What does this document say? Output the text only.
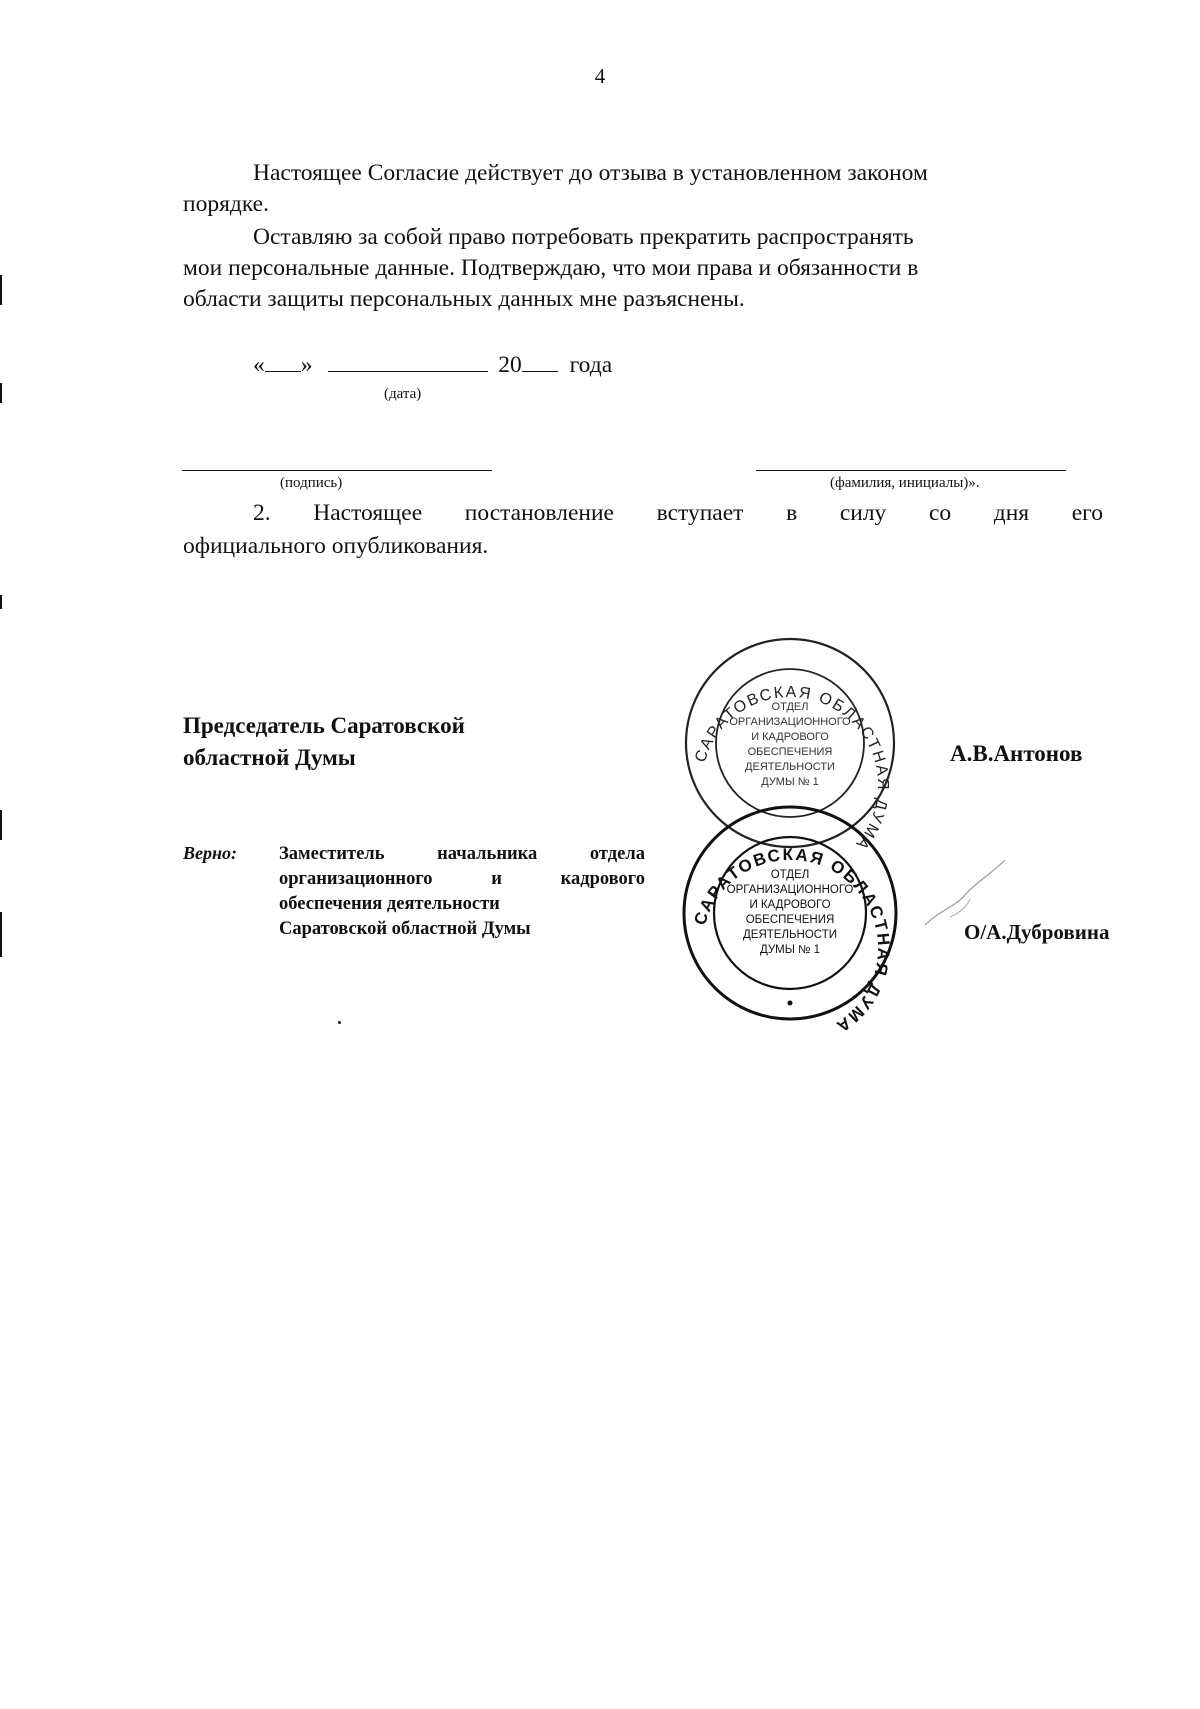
4
Настоящее Согласие действует до отзыва в установленном законом
порядке.
Оставляю за собой право потребовать прекратить распространять
мои персональные данные. Подтверждаю, что мои права и обязанности в
области защиты персональных данных мне разъяснены.
« »	20 года
(дата)
(подпись)	(фамилия, инициалы)».
2. Настоящее постановление вступает в силу со дня его
официального опубликования.
Председатель Саратовской
областной Думы	А.В.Антонов
Верно: Заместитель	начальника	отдела
организационного	и	кадрового
обеспечения деятельности
Саратовской областной Думы	О/А.Дубровина
САРАТОВСКАЯ ОБЛАСТНАЯ ДУМА
ОТДЕЛ
ОРГАНИЗАЦИОННОГО
И КАДРОВОГО
ОБЕСПЕЧЕНИЯ
ДЕЯТЕЛЬНОСТИ
ДУМЫ № 1
САРАТОВСКАЯ ОБЛАСТНАЯ ДУМА
ОТДЕЛ
ОРГАНИЗАЦИОННОГО
И КАДРОВОГО
ОБЕСПЕЧЕНИЯ
ДЕЯТЕЛЬНОСТИ
ДУМЫ № 1
